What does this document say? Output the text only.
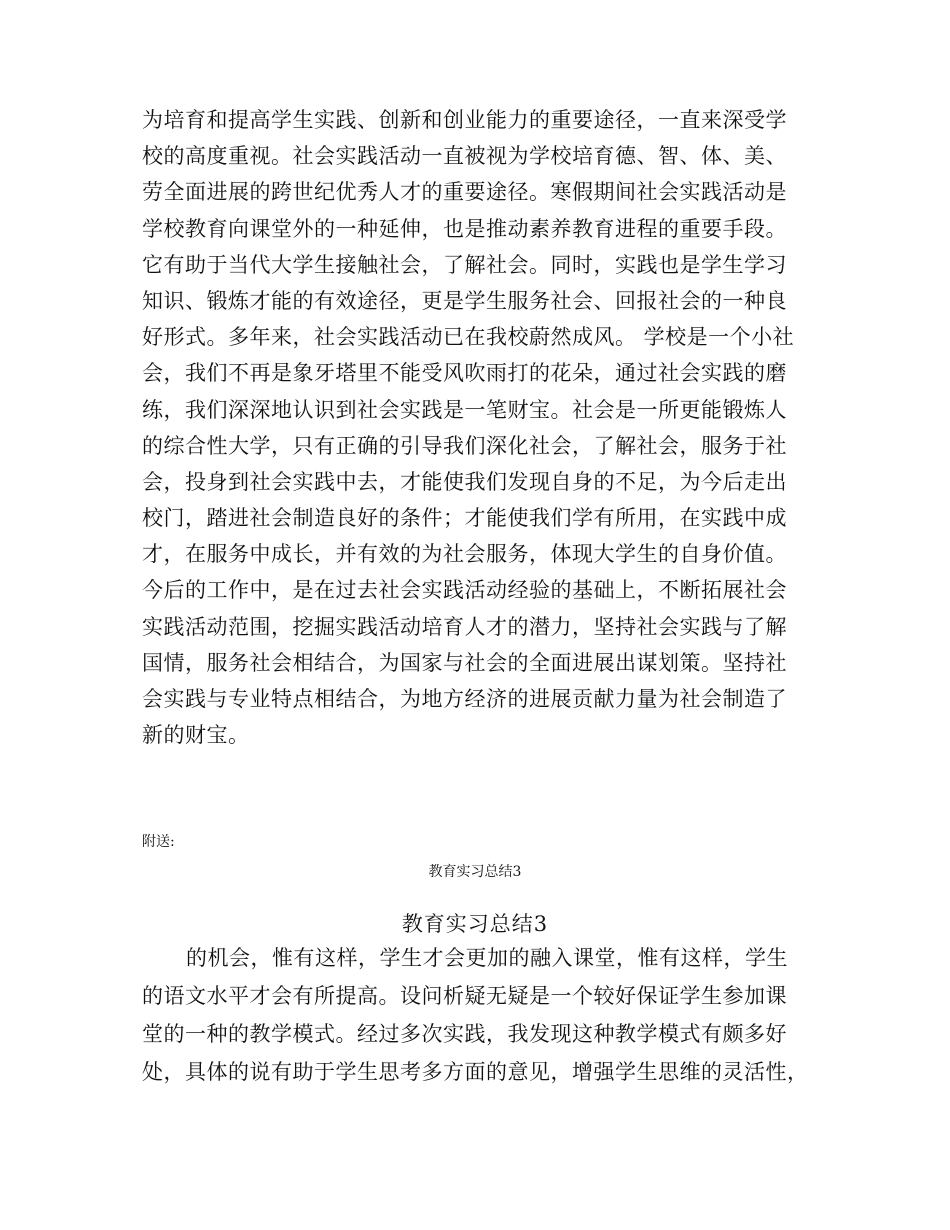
为培育和提高学生实践、创新和创业能力的重要途径，一直来深受学
校的高度重视。社会实践活动一直被视为学校培育德、智、体、美、
劳全面进展的跨世纪优秀人才的重要途径。寒假期间社会实践活动是
学校教育向课堂外的一种延伸，也是推动素养教育进程的重要手段。
它有助于当代大学生接触社会，了解社会。同时，实践也是学生学习
知识、锻炼才能的有效途径，更是学生服务社会、回报社会的一种良
好形式。多年来，社会实践活动已在我校蔚然成风。 学校是一个小社
会，我们不再是象牙塔里不能受风吹雨打的花朵，通过社会实践的磨
练，我们深深地认识到社会实践是一笔财宝。社会是一所更能锻炼人
的综合性大学，只有正确的引导我们深化社会，了解社会，服务于社
会，投身到社会实践中去，才能使我们发现自身的不足，为今后走出
校门，踏进社会制造良好的条件；才能使我们学有所用，在实践中成
才，在服务中成长，并有效的为社会服务，体现大学生的自身价值。
今后的工作中，是在过去社会实践活动经验的基础上，不断拓展社会
实践活动范围，挖掘实践活动培育人才的潜力，坚持社会实践与了解
国情，服务社会相结合，为国家与社会的全面进展出谋划策。坚持社
会实践与专业特点相结合，为地方经济的进展贡献力量为社会制造了
新的财宝。
附送:
教育实习总结3
教育实习总结3
的机会，惟有这样，学生才会更加的融入课堂，惟有这样，学生
的语文水平才会有所提高。设问析疑无疑是一个较好保证学生参加课
堂的一种的教学模式。经过多次实践，我发现这种教学模式有颇多好
处，具体的说有助于学生思考多方面的意见，增强学生思维的灵活性，
